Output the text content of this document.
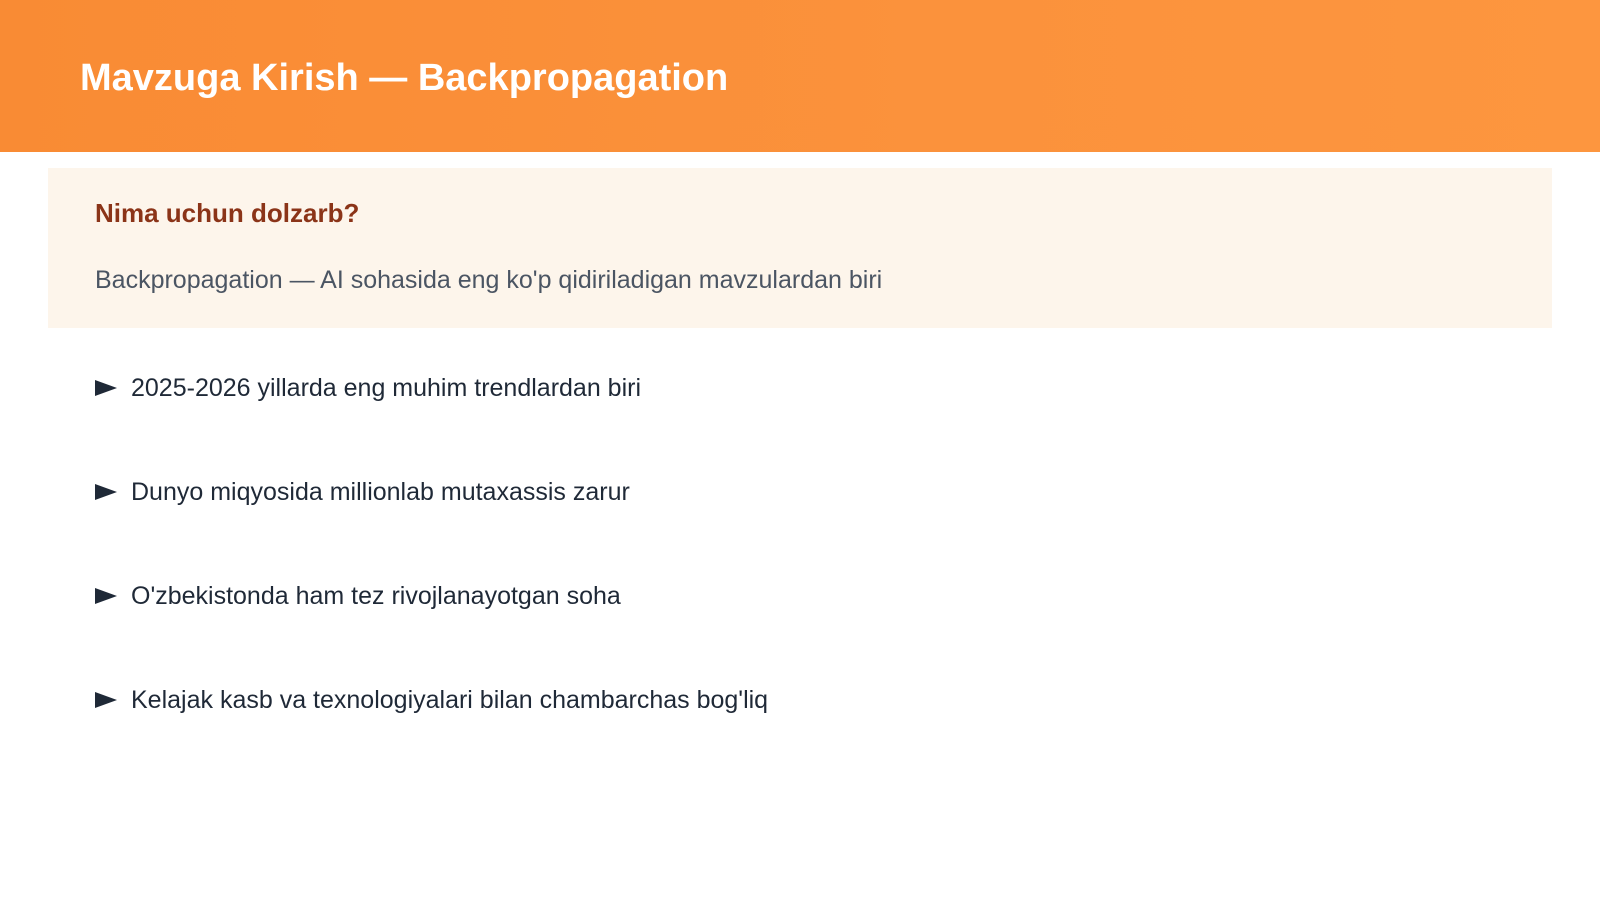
Mavzuga Kirish — Backpropagation
Nima uchun dolzarb?

Backpropagation — AI sohasida eng ko'p qidiriladigan mavzulardan biri

2025-2026 yillarda eng muhim trendlardan biri
Dunyo miqyosida millionlab mutaxassis zarur
O'zbekistonda ham tez rivojlanayotgan soha
Kelajak kasb va texnologiyalari bilan chambarchas bog'liq
